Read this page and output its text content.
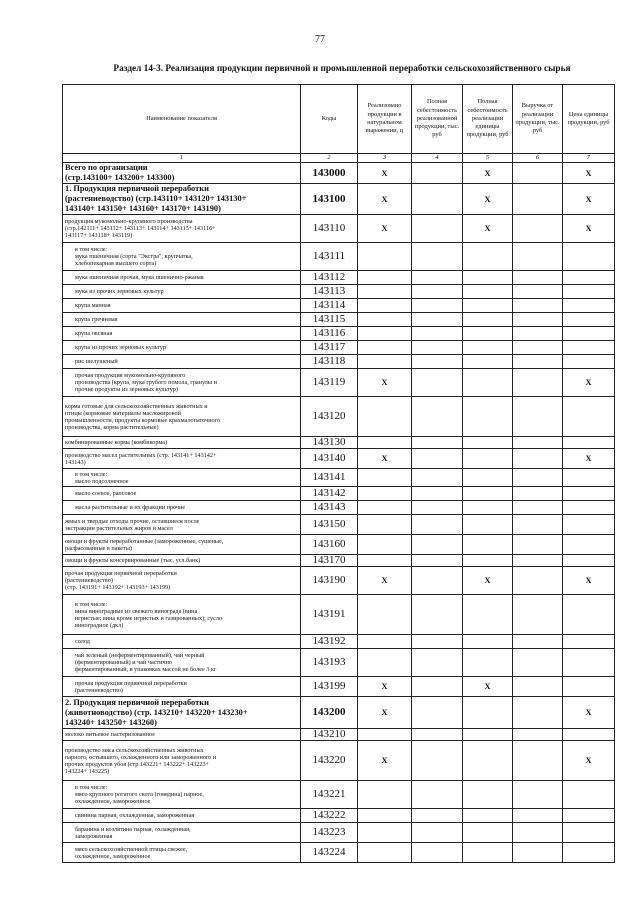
77
Раздел 14-3. Реализация продукции первичной и промышленной переработки сельскохозяйственного сырья
Наименование показателя	Коды	Реализовано продукции в натуральном выражении, ц	Полная себестоимость реализованной продукции, тыс. руб	Полная себестоимость реализации единицы продукции, руб	Выручка от реализации продукции, тыс. руб	Цена единицы продукции, руб
1	2	3	4	5	6	7

Всего по организации
(стр.143100+ 143200+ 143300)	143000	X		X		X

1. Продукция первичной переработки
(растениеводство) (стр.143110+ 143120+ 143130+
143140+ 143150+ 143160+ 143170+ 143190)	143100	X		X		X

продукция мукомольно-крупяного производства
(стр.142111+ 143112+ 143113+ 143114+ 143115+ 143116+
143117+ 143118+ 143119)	143110	X		X		X

в том числе:
мука пшеничная (сорта "Экстра", крупчатка,
хлебопекарная высшего сорта)	143111					

мука пшеничная прочая, мука пшенично-ржаная	143112					

мука из прочих зерновых культур	143113					

крупа манная	143114					

крупа гречневая	143115					

крупа овсяная	143116					

крупа из прочих зерновых культур	143117					

рис шелушеный	143118					

прочая продукция мукомольно-крупяного
производства (крупа, мука грубого помола, гранулы и
прочие продукты из зерновых культур)	143119	X				X

корма готовые для сельскохозяйственных животных и
птицы (кормовые материалы масложировой
промышленности, продукты кормовые крахмалопаточного
производства, корма растительные)	143120					

комбинированные корма (комбикорма)	143130					

производство масел растительных (стр. 143141+ 143142+
143143)	143140	X				X

в том числе:
масло подсолнечное	143141					

масло соевое, рапсовое	143142					

масла растительные и их фракции прочие	143143					

жмых и твердые отходы прочие, оставшиеся после
экстракции растительных жиров и масел	143150					

овощи и фрукты переработанные (замороженные, сушеные,
расфасованные в пакеты)	143160					

овощи и фрукты консервированные (тыс. усл.банк)	143170					

прочая продукция первичной переработки
(растениеводство)
(стр. 143191+ 143192+ 143193+ 143199)	143190	X		X		X

в том числе:
вина виноградные из свежего винограда (вина
игристые; вина кроме игристых и газированных); сусло
виноградное (дкл)	143191					

солод	143192					

чай зеленый (неферментированный), чай черный
(ферментированный) и чай частично
ферментированный, в упаковках массой не более 3 кг	143193					

прочая продукция первичной переработки
(растениеводство)	143199	X		X		

2. Продукция первичной переработки
(животноводство) (стр. 143210+ 143220+ 143230+
143240+ 143250+ 143260)	143200	X				X

молоко питьевое пастеризованное	143210					

производство мяса сельскохозяйственных животных
парного, остывшего, охлажденного или замороженного и
прочих продуктов убоя (стр.143221+ 143222+ 143223+
143224+ 143225)	143220	X				X

в том числе:
мясо крупного рогатого скота (говядина) парное,
охлажденное, замороженное	143221					

свинина парная, охлажденная, замороженная	143222					

баранина и козлятина парная, охлажденная,
замороженная	143223					

мясо сельскохозяйственной птицы свежее,
охлажденное, замороженное	143224					
